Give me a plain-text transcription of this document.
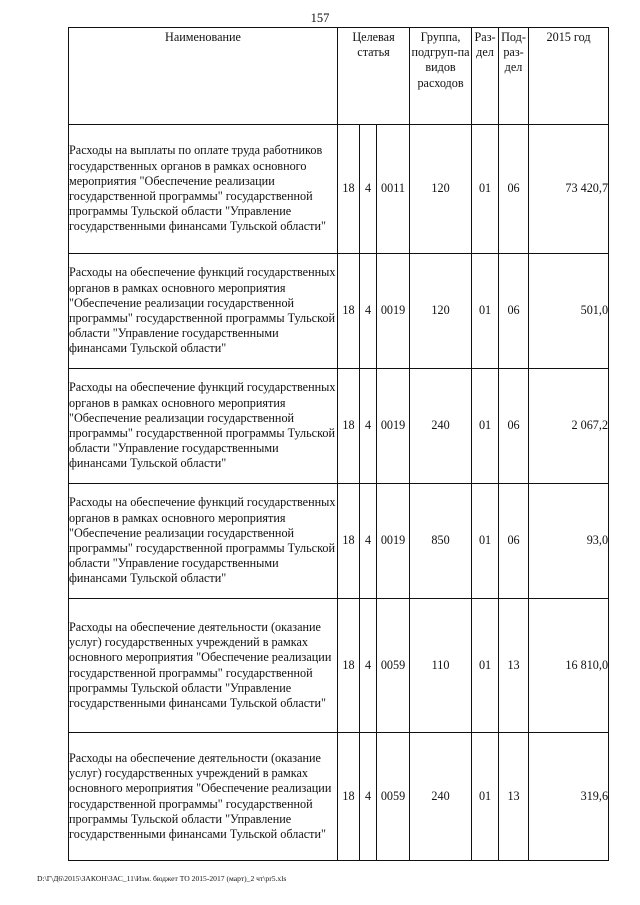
157
Наименование	Целевая статья			Группа, подгруп-па видов расходов	Раз-дел	Под-раз-дел	2015 год
Расходы на выплаты по оплате труда работников государственных органов в рамках основного мероприятия "Обеспечение реализации государственной программы" государственной программы Тульской области "Управление государственными финансами Тульской области"	18	4	0011	120	01	06	73 420,7
Расходы на обеспечение функций государственных органов в рамках основного мероприятия "Обеспечение реализации государственной программы" государственной программы Тульской области "Управление государственными финансами Тульской области"	18	4	0019	120	01	06	501,0
Расходы на обеспечение функций государственных органов в рамках основного мероприятия "Обеспечение реализации государственной программы" государственной программы Тульской области "Управление государственными финансами Тульской области"	18	4	0019	240	01	06	2 067,2
Расходы на обеспечение функций государственных органов в рамках основного мероприятия "Обеспечение реализации государственной программы" государственной программы Тульской области "Управление государственными финансами Тульской области"	18	4	0019	850	01	06	93,0
Расходы на обеспечение деятельности (оказание услуг) государственных учреждений в рамках основного мероприятия "Обеспечение реализации государственной программы" государственной программы Тульской области "Управление государственными финансами Тульской области"	18	4	0059	110	01	13	16 810,0
Расходы на обеспечение деятельности (оказание услуг) государственных учреждений в рамках основного мероприятия "Обеспечение реализации государственной программы" государственной программы Тульской области "Управление государственными финансами Тульской области"	18	4	0059	240	01	13	319,6
D:\Г\Д6\2015\ЗАКОН\ЗАС_11\Изм. бюджет ТО 2015-2017 (март)_2 чт\pr5.xls
